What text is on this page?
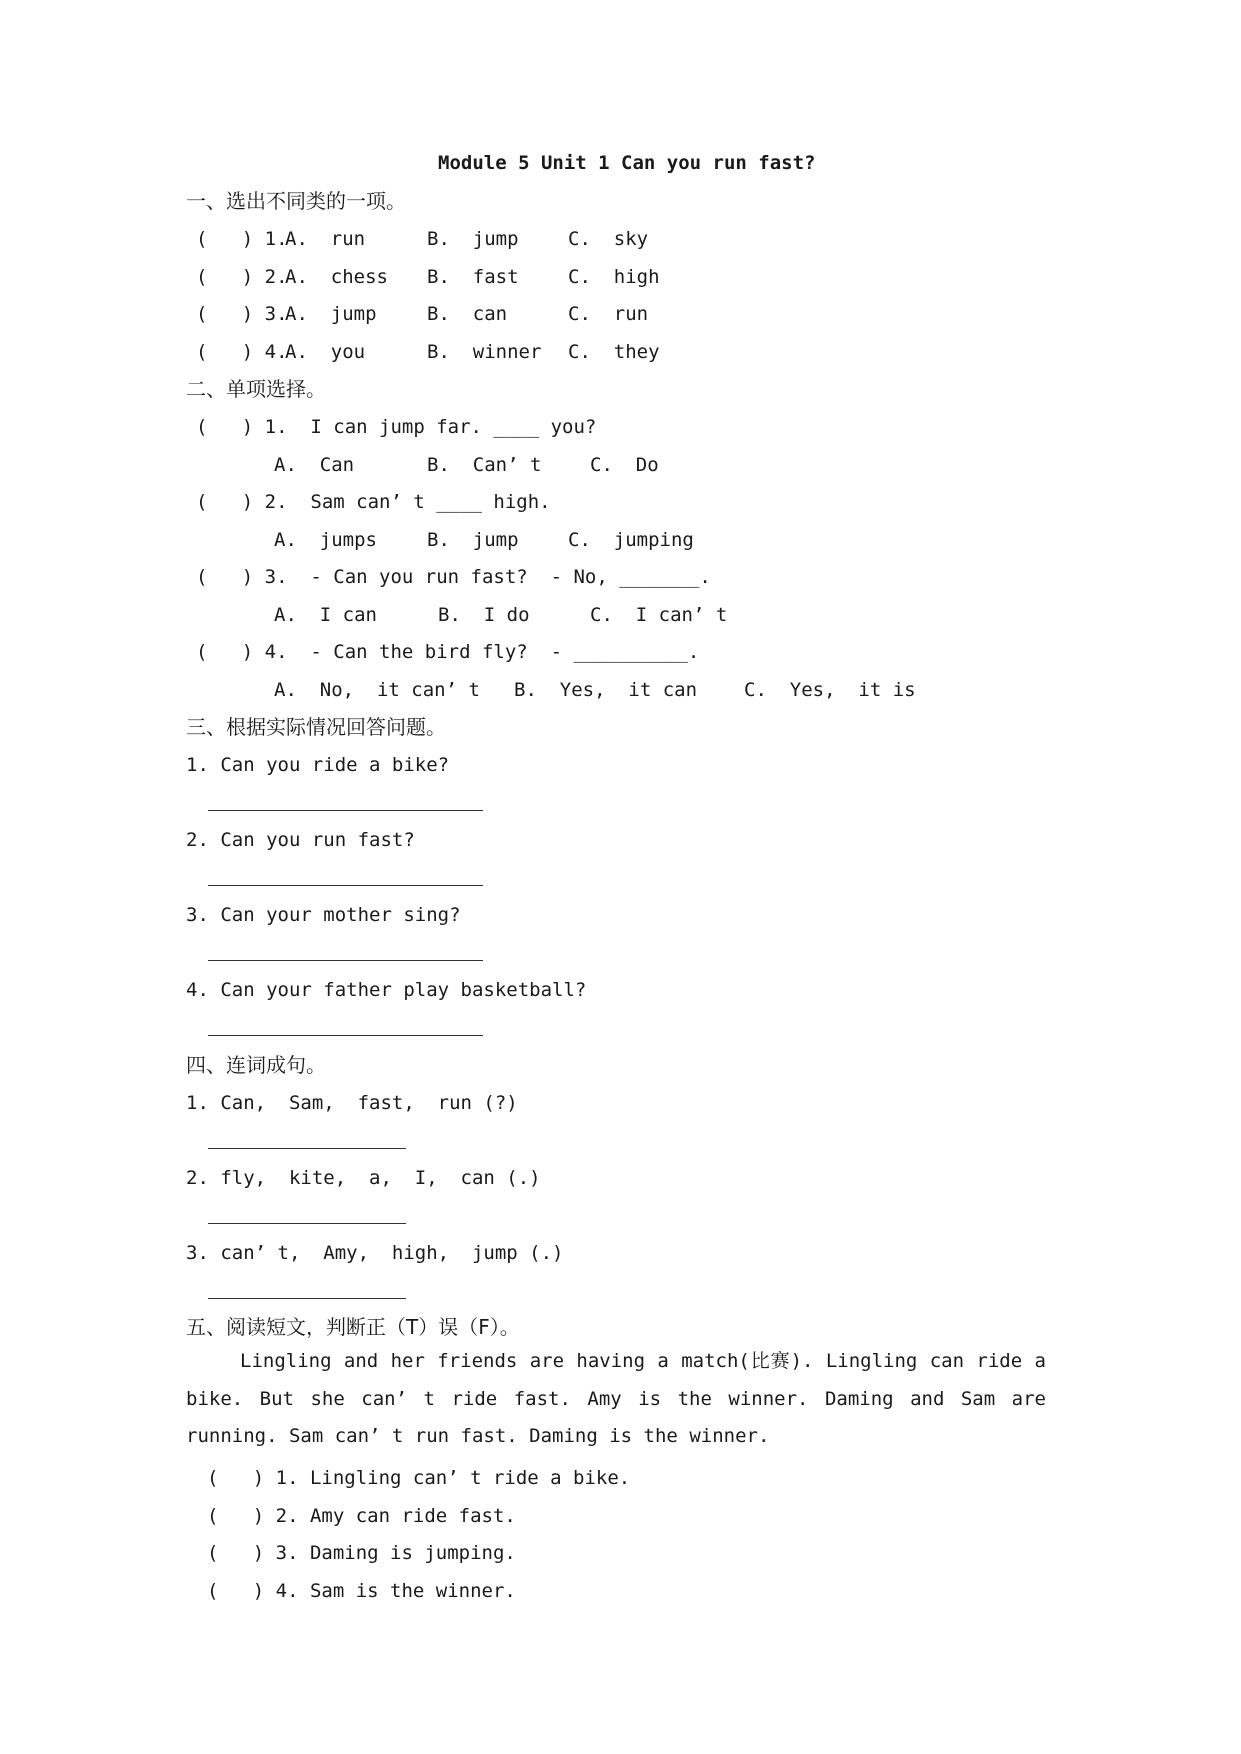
Module 5 Unit 1 Can you run fast?
一、选出不同类的一项。
(   ) 1.
A.  run	B.  jump	C.  sky
(   ) 2.
A.  chess B.  fast	C.  high
(   ) 3.
A.  jump	B.  can	C.  run
(   ) 4.
A.  you	B.  winner C.  they
二、单项选择。
(   ) 1.  I can jump far. ____ you?
A.  Can	B.  Can’ t	C.  Do
(   ) 2.  Sam can’ t ____ high.
A.  jumps	B.  jump	C.  jumping
(   ) 3.  - Can you run fast?  - No, _______.
A.  I can	B.  I do	C.  I can’ t
(   ) 4.  - Can the bird fly?  - __________.
A.  No,  it can’ t B.  Yes,  it can C.  Yes,  it is
三、根据实际情况回答问题。
1. Can you ride a bike?
2. Can you run fast?
3. Can your mother sing?
4. Can your father play basketball?
四、连词成句。
1. Can,  Sam,  fast,  run (?)
2. fly,  kite,  a,  I,  can (.)
3. can’ t,  Amy,  high,  jump (.)
五、阅读短文，判断正（T）误（F）。
Lingling and her friends are having a match(比赛). Lingling can ride a bike. But she can’ t ride fast. Amy is the winner. Daming and Sam are running. Sam can’ t run fast. Daming is the winner.
(   ) 1. Lingling can’ t ride a bike.
(   ) 2. Amy can ride fast.
(   ) 3. Daming is jumping.
(   ) 4. Sam is the winner.
